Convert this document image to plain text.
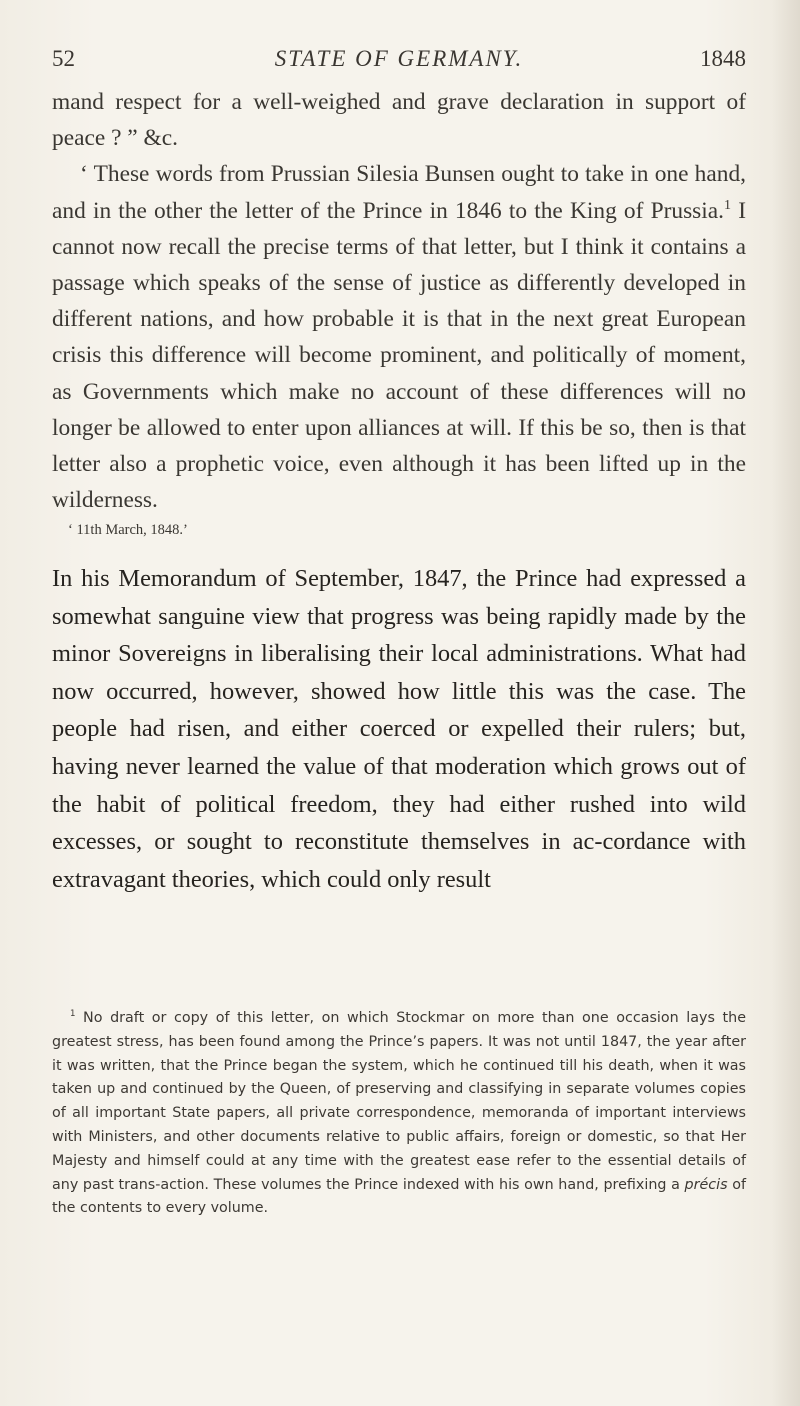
52	STATE OF GERMANY.	1848

mand respect for a well-weighed and grave declaration in support of peace ? ” &c.

‘ These words from Prussian Silesia Bunsen ought to take in one hand, and in the other the letter of the Prince in 1846 to the King of Prussia.$^1$ I cannot now recall the precise terms of that letter, but I think it contains a passage which speaks of the sense of justice as differently developed in different nations, and how probable it is that in the next great European crisis this difference will become prominent, and politically of moment, as Governments which make no account of these differences will no longer be allowed to enter upon alliances at will. If this be so, then is that letter also a prophetic voice, even although it has been lifted up in the wilderness.

‘ 11th March, 1848.’

In his Memorandum of September, 1847, the Prince had expressed a somewhat sanguine view that progress was being rapidly made by the minor Sovereigns in liberalising their local administrations. What had now occurred, however, showed how little this was the case. The people had risen, and either coerced or expelled their rulers; but, having never learned the value of that moderation which grows out of the habit of political freedom, they had either rushed into wild excesses, or sought to reconstitute themselves in ac-cordance with extravagant theories, which could only result

$^1$ No draft or copy of this letter, on which Stockmar on more than one occasion lays the greatest stress, has been found among the Prince’s papers. It was not until 1847, the year after it was written, that the Prince began the system, which he continued till his death, when it was taken up and continued by the Queen, of preserving and classifying in separate volumes copies of all important State papers, all private correspondence, memoranda of important interviews with Ministers, and other documents relative to public affairs, foreign or domestic, so that Her Majesty and himself could at any time with the greatest ease refer to the essential details of any past trans-action. These volumes the Prince indexed with his own hand, prefixing a précis of the contents to every volume.
